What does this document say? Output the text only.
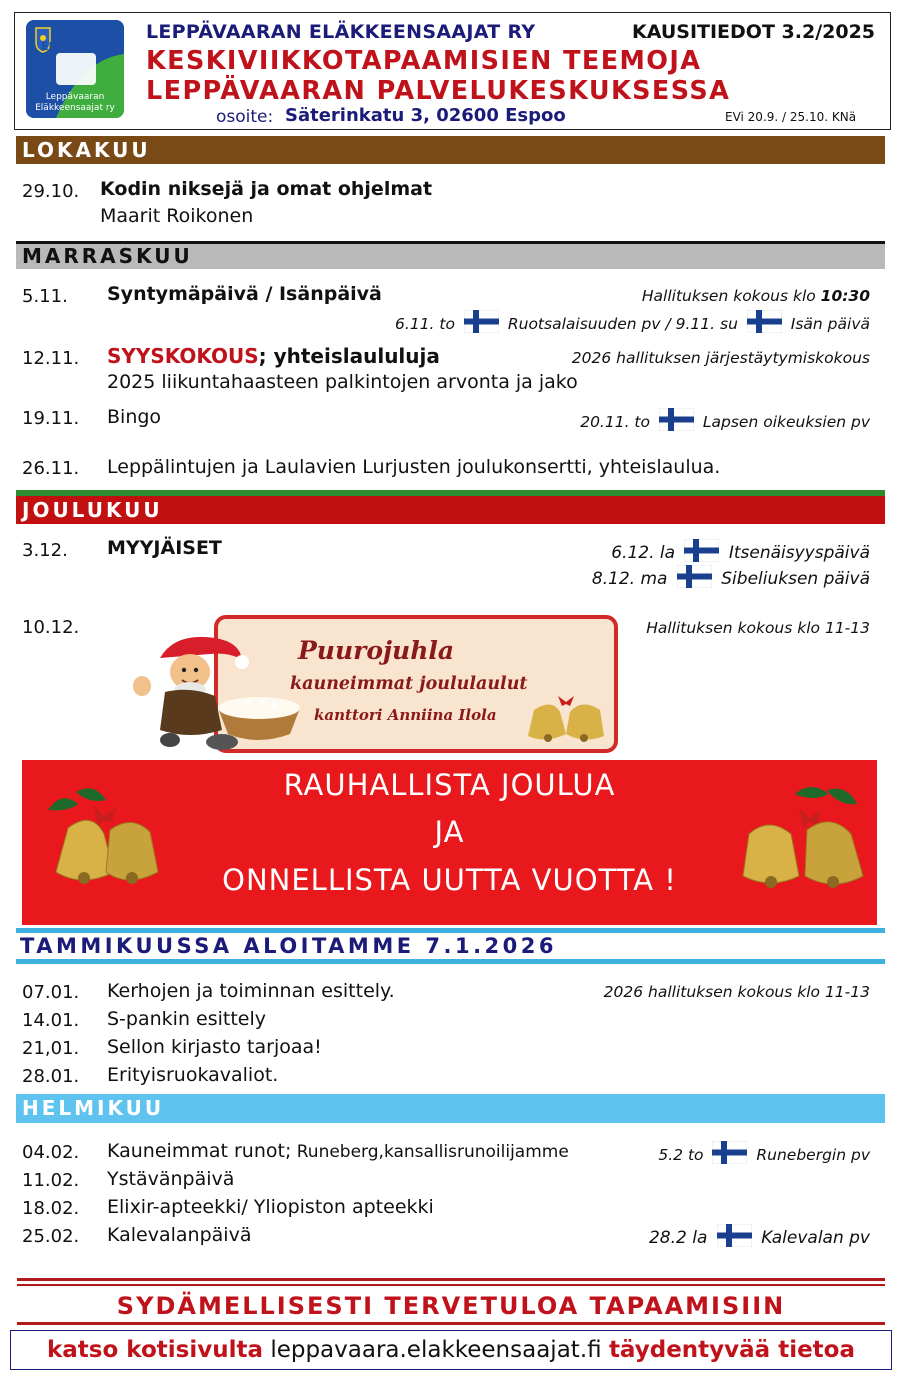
ELl
Leppävaaran
Eläkkeensaajat ry
LEPPÄVAARAN ELÄKKEENSAAJAT RY	KAUSITIEDOT 3.2/2025
KESKIVIIKKOTAPAAMISIEN TEEMOJA
LEPPÄVAARAN PALVELUKESKUKSESSA
osoite: Säterinkatu 3, 02600 Espoo	EVi 20.9. / 25.10. KNä
LOKAKUU
29.10. Kodin niksejä ja omat ohjelmat
Maarit Roikonen
MARRASKUU
5.11. Syntymäpäivä / Isänpäivä	Hallituksen kokous klo 10:30
6.11. to	Ruotsalaisuuden pv / 9.11. su	Isän päivä
12.11. SYYSKOKOUS; yhteislaululuja	2026 hallituksen järjestäytymiskokous
2025 liikuntahaasteen palkintojen arvonta ja jako
19.11. Bingo	20.11. to	Lapsen oikeuksien pv
26.11. Leppälintujen ja Laulavien Lurjusten joulukonsertti, yhteislaulua.
JOULUKUU
3.12. MYYJÄISET	6.12. la	Itsenäisyyspäivä
8.12. ma	Sibeliuksen päivä
10.12.	Hallituksen kokous klo 11-13
Puurojuhla
kauneimmat joululaulut
kanttori Anniina Ilola
RAUHALLISTA JOULUA
JA
ONNELLISTA UUTTA VUOTTA !
TAMMIKUUSSA ALOITAMME 7.1.2026
2026 hallituksen kokous klo 11-13
07.01. Kerhojen ja toiminnan esittely.
14.01. S-pankin esittely
21,01. Sellon kirjasto tarjoaa!
28.01. Erityisruokavaliot.
HELMIKUU
04.02. Kauneimmat runot; Runeberg,kansallisrunoilijamme	5.2 to	Runebergin pv
11.02. Ystävänpäivä
18.02. Elixir-apteekki/ Yliopiston apteekki
25.02. Kalevalanpäivä	28.2 la	Kalevalan pv
SYDÄMELLISESTI TERVETULOA TAPAAMISIIN
katso kotisivulta leppavaara.elakkeensaajat.fi täydentyvää tietoa
